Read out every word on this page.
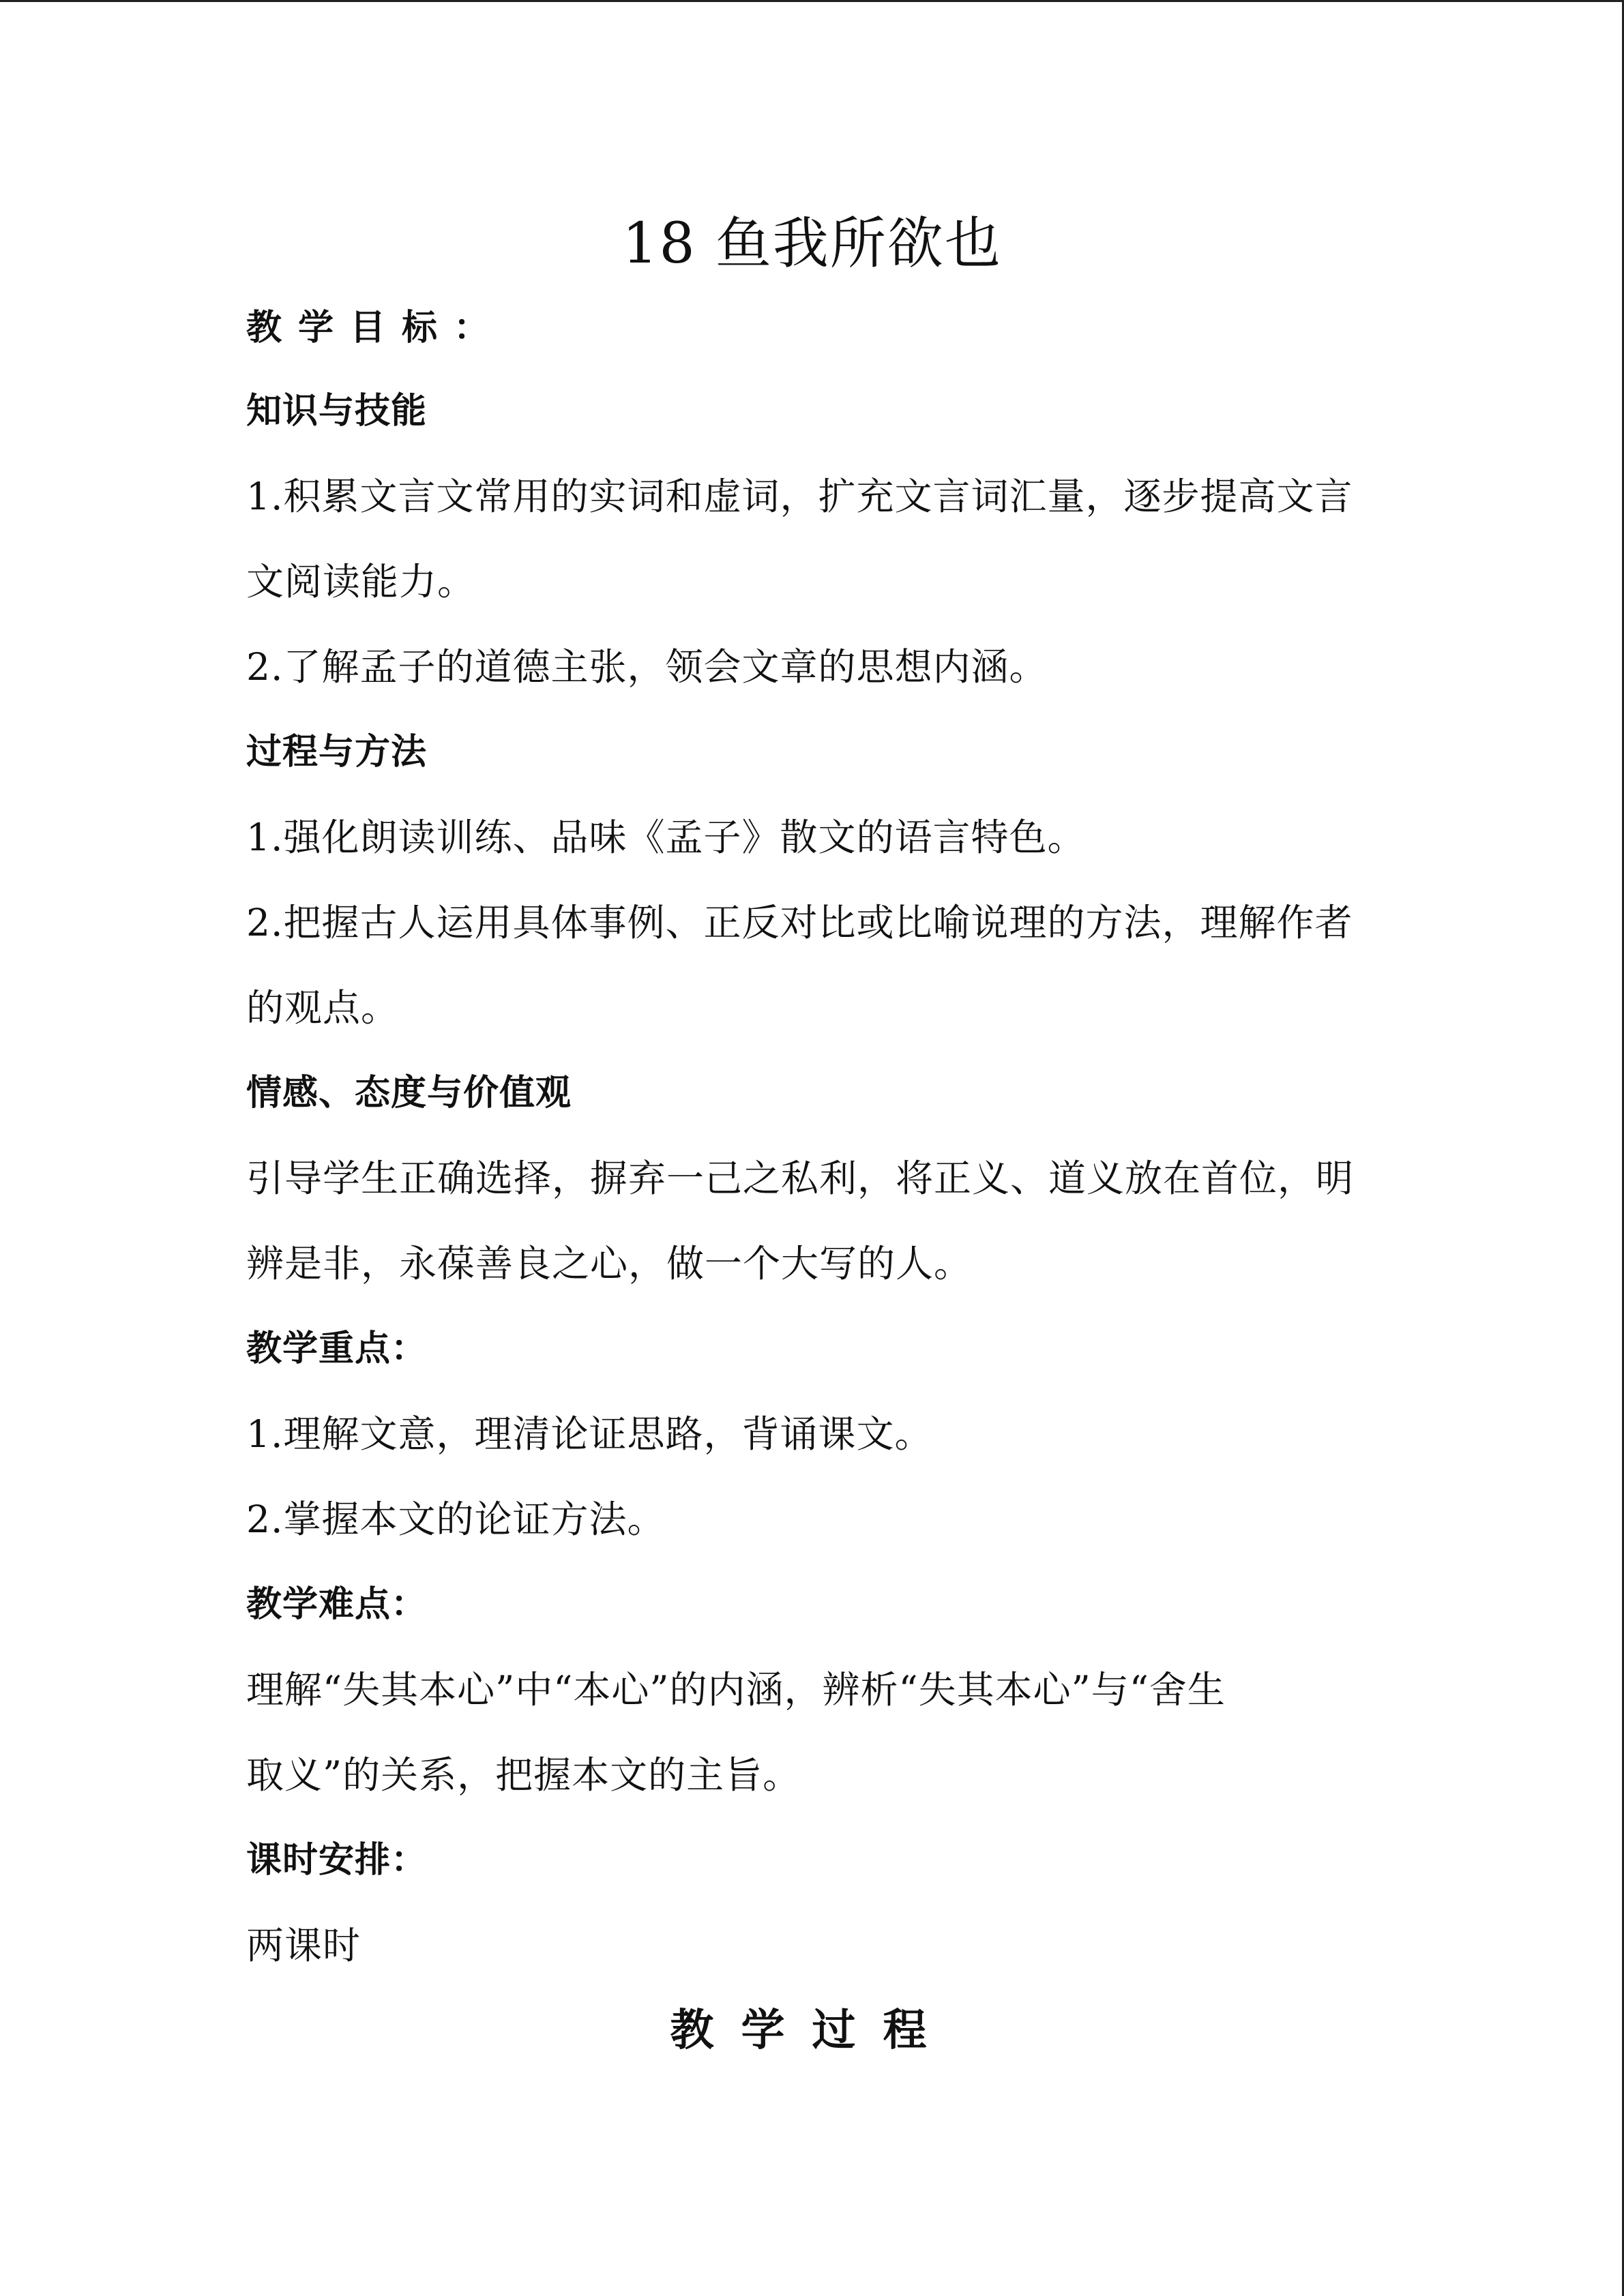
18 鱼我所欲也
教学目标：
知识与技能
1.积累文言文常用的实词和虚词，扩充文言词汇量，逐步提高文言
文阅读能力。
2.了解孟子的道德主张，领会文章的思想内涵。
过程与方法
1.强化朗读训练、品味《孟子》散文的语言特色。
2.把握古人运用具体事例、正反对比或比喻说理的方法，理解作者
的观点。
情感、态度与价值观
引导学生正确选择，摒弃一己之私利，将正义、道义放在首位，明
辨是非，永葆善良之心，做一个大写的人。
教学重点：
1.理解文意，理清论证思路，背诵课文。
2.掌握本文的论证方法。
教学难点：
理解“失其本心”中“本心”的内涵，辨析“失其本心”与“舍生
取义”的关系，把握本文的主旨。
课时安排：
两课时
教学过程
